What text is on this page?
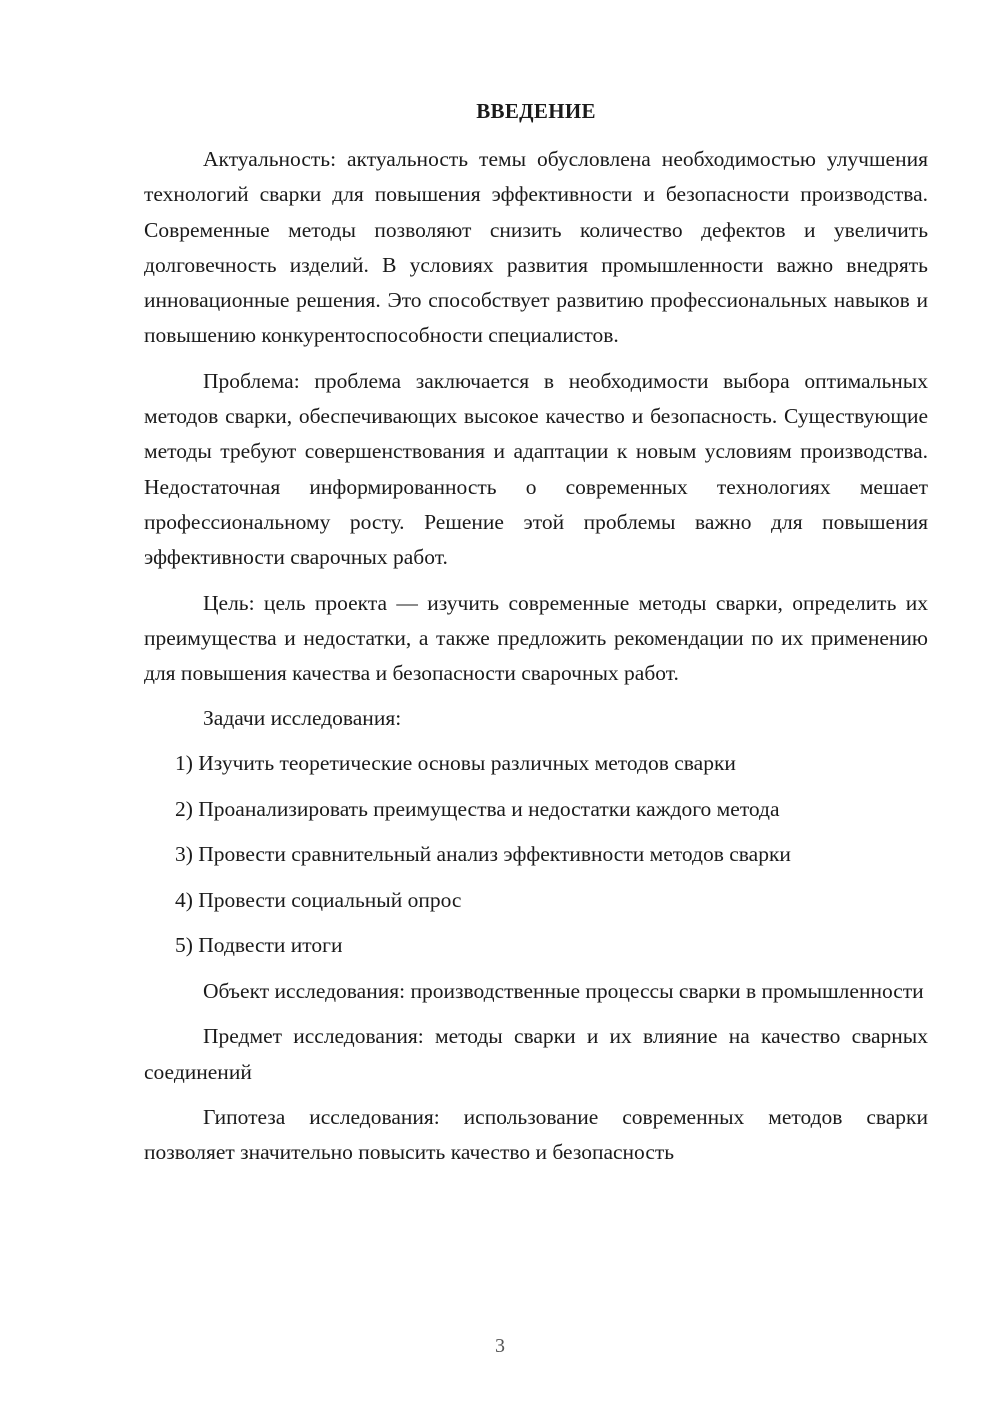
ВВЕДЕНИЕ

Актуальность: актуальность темы обусловлена необходимостью улучшения технологий сварки для повышения эффективности и безопасности производства. Современные методы позволяют снизить количество дефектов и увеличить долговечность изделий. В условиях развития промышленности важно внедрять инновационные решения. Это способствует развитию профессиональных навыков и повышению конкурентоспособности специалистов.

Проблема: проблема заключается в необходимости выбора оптимальных методов сварки, обеспечивающих высокое качество и безопасность. Существующие методы требуют совершенствования и адаптации к новым условиям производства. Недостаточная информированность о современных технологиях мешает профессиональному росту. Решение этой проблемы важно для повышения эффективности сварочных работ.

Цель: цель проекта — изучить современные методы сварки, определить их преимущества и недостатки, а также предложить рекомендации по их применению для повышения качества и безопасности сварочных работ.

Задачи исследования:

1) Изучить теоретические основы различных методов сварки
2) Проанализировать преимущества и недостатки каждого метода
3) Провести сравнительный анализ эффективности методов сварки
4) Провести социальный опрос
5) Подвести итоги

Объект исследования: производственные процессы сварки в промышленности

Предмет исследования: методы сварки и их влияние на качество сварных соединений

Гипотеза исследования: использование современных методов сварки позволяет значительно повысить качество и безопасность

3
